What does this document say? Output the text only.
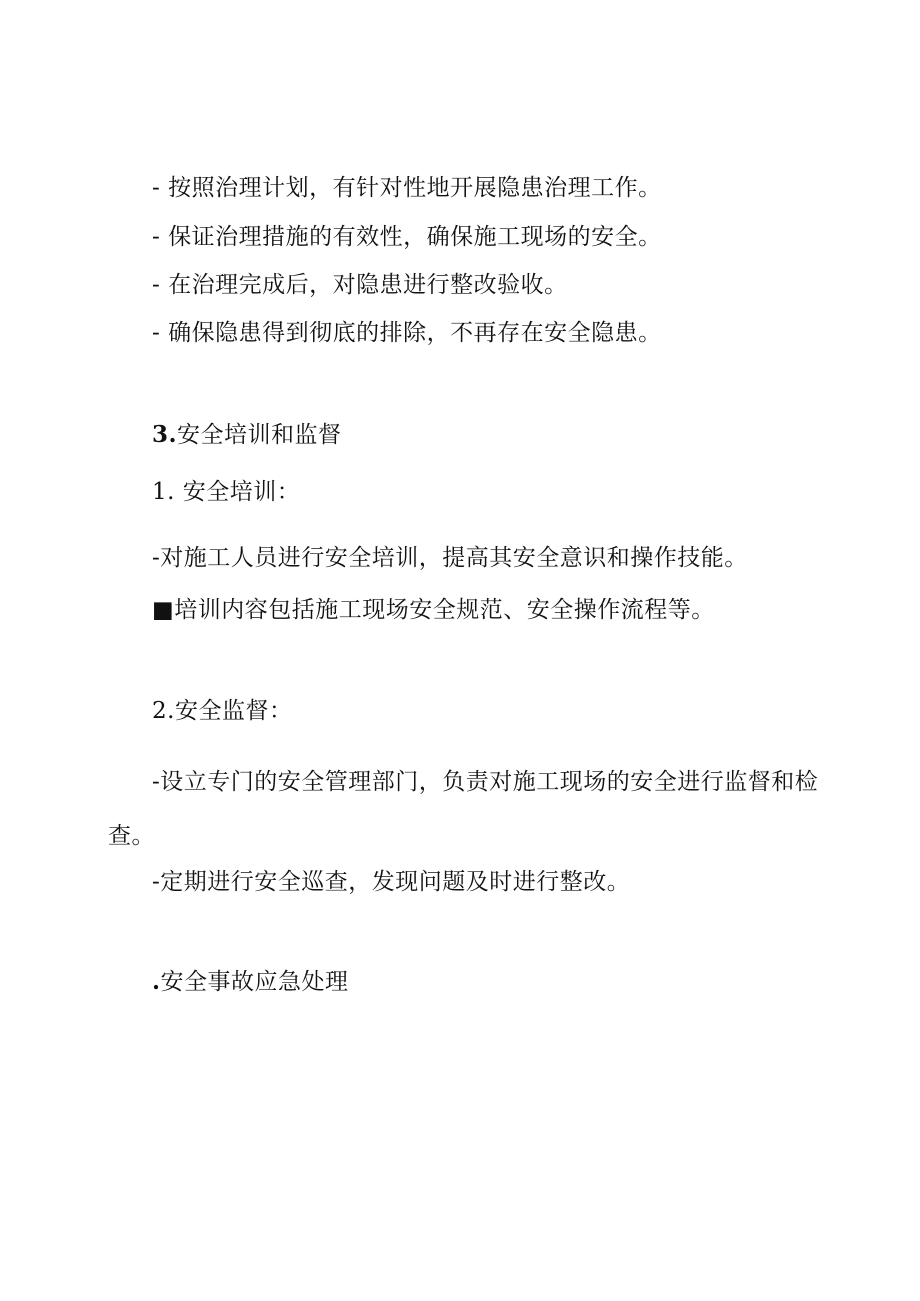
- 按照治理计划，有针对性地开展隐患治理工作。
- 保证治理措施的有效性，确保施工现场的安全。
- 在治理完成后，对隐患进行整改验收。
- 确保隐患得到彻底的排除，不再存在安全隐患。
3.安全培训和监督
1. 安全培训：
-对施工人员进行安全培训，提高其安全意识和操作技能。
■培训内容包括施工现场安全规范、安全操作流程等。
2.安全监督：
-设立专门的安全管理部门，负责对施工现场的安全进行监督和检查。
-定期进行安全巡查，发现问题及时进行整改。
.安全事故应急处理
